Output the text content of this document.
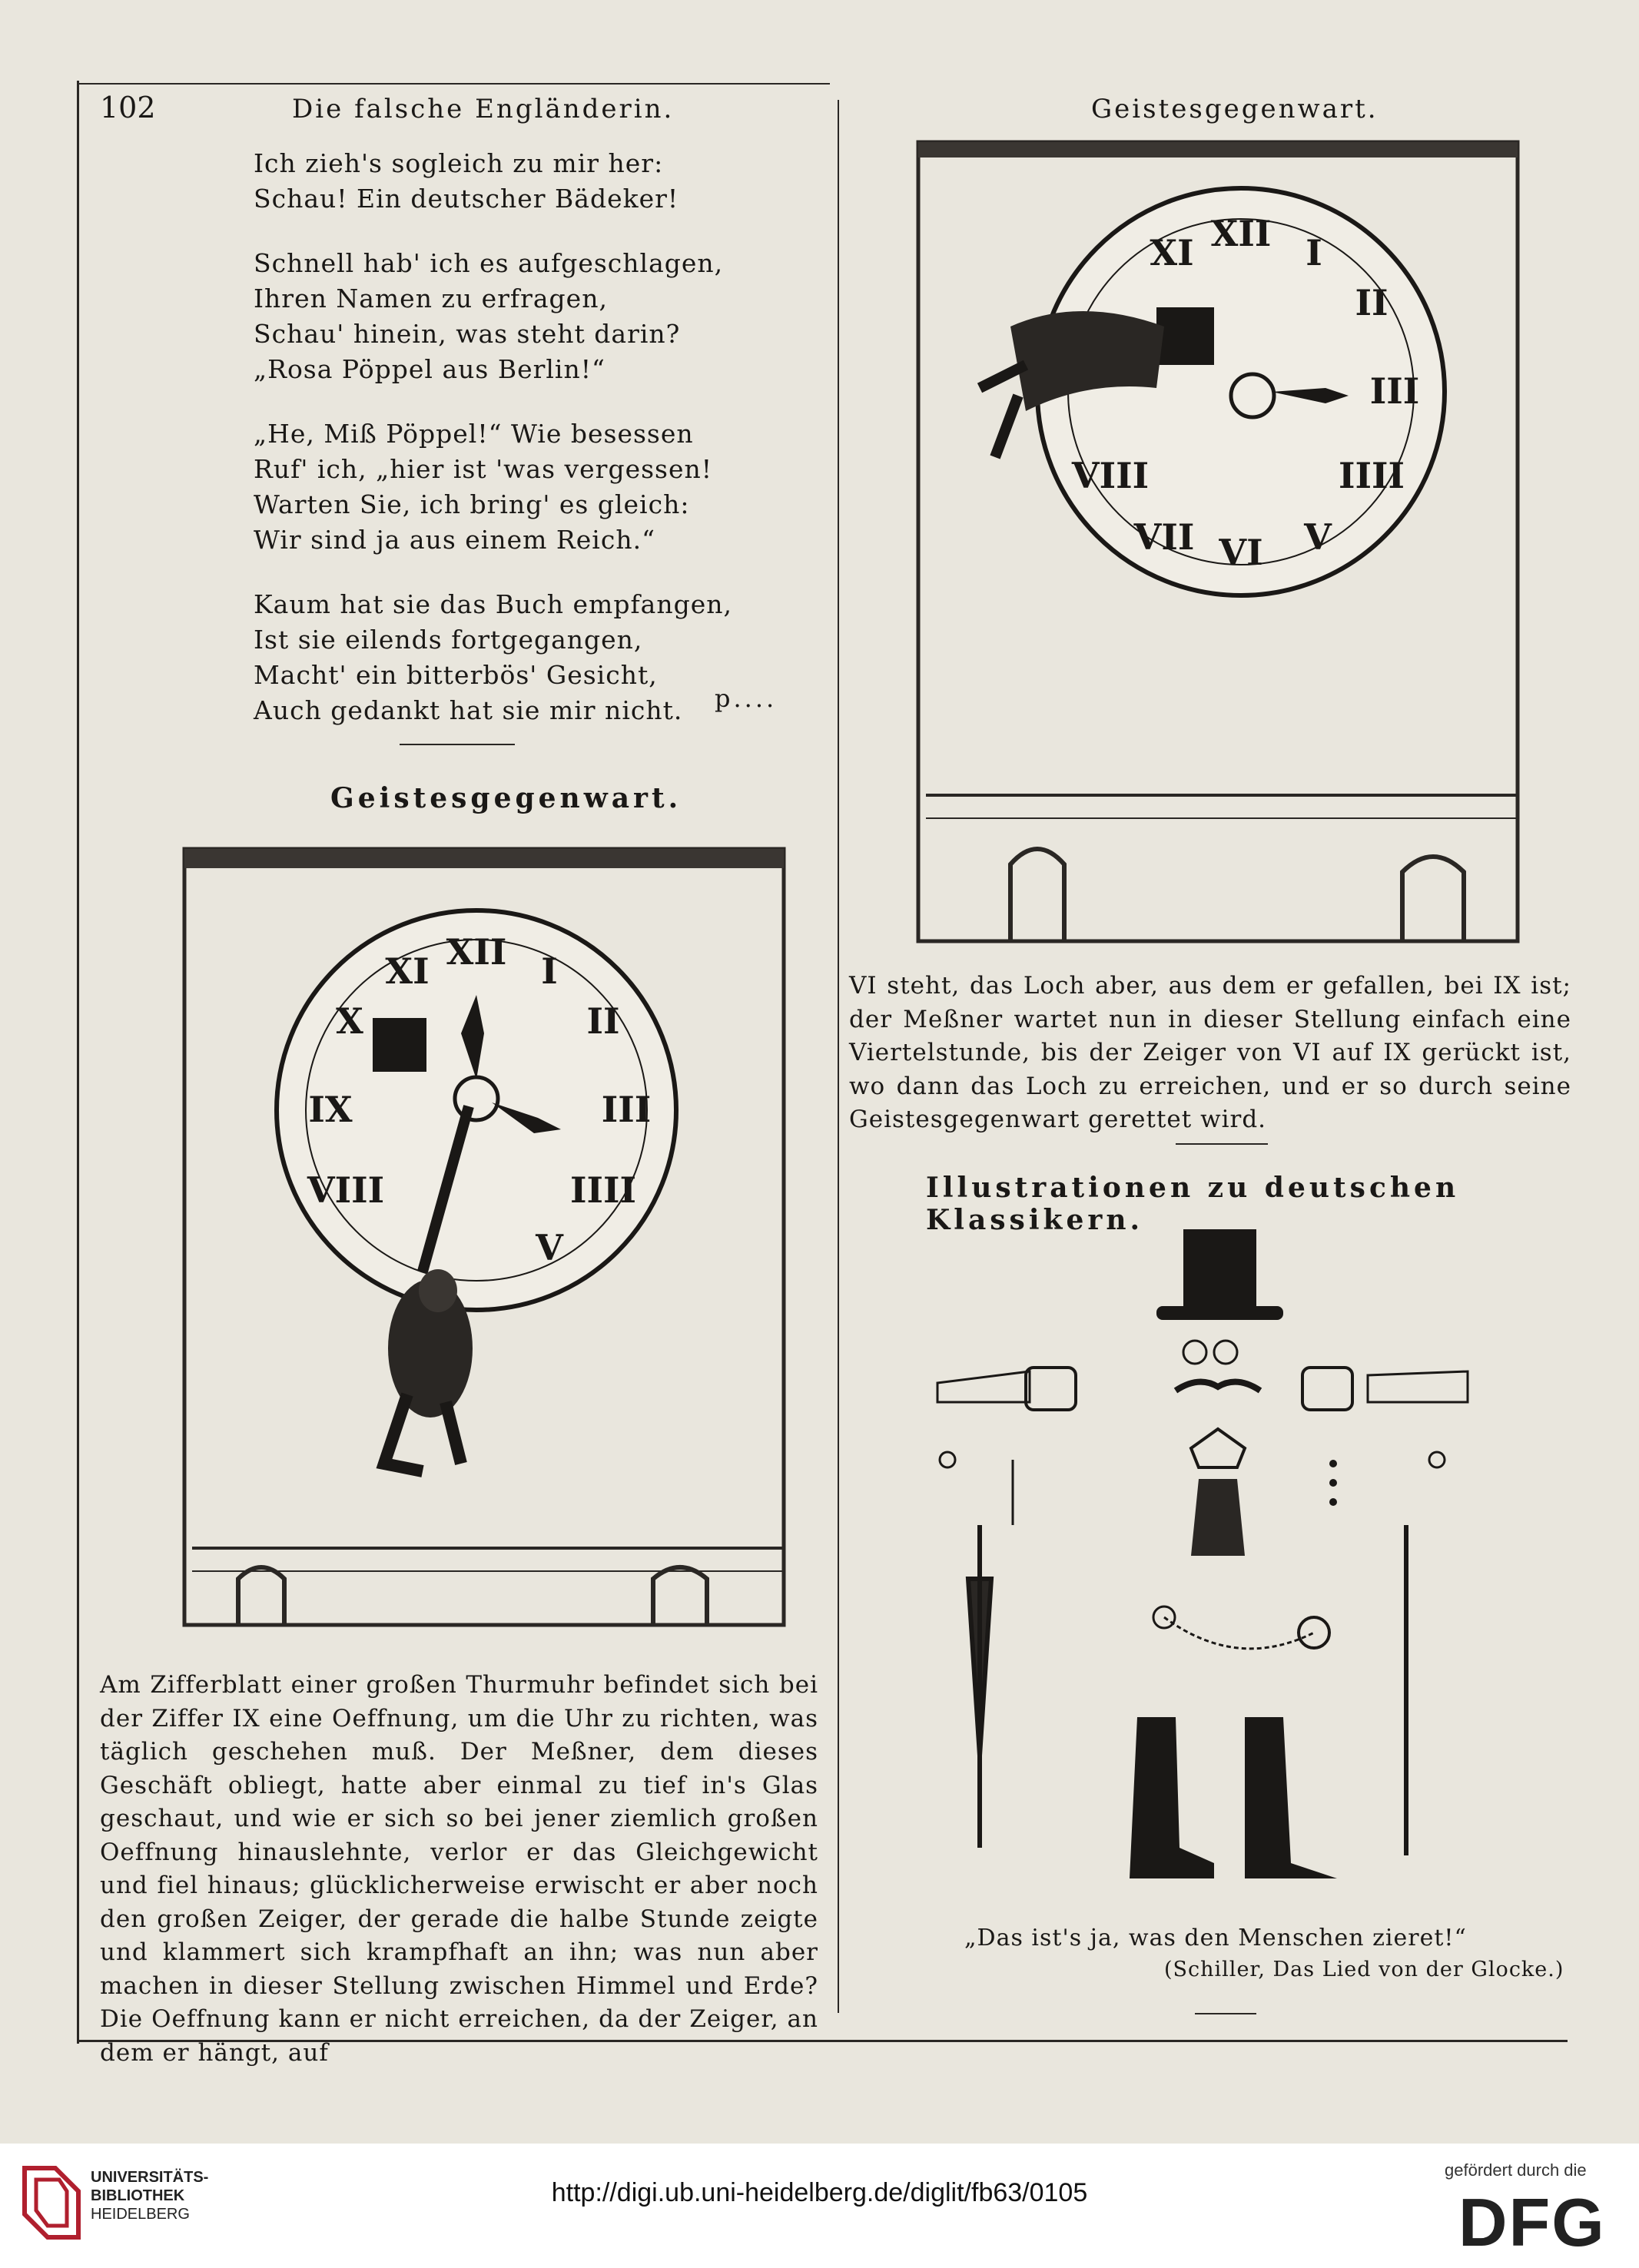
102	Die falsche Engländerin.	Geistesgegenwart.

Ich zieh's sogleich zu mir her:
Schau! Ein deutscher Bädeker!

Schnell hab' ich es aufgeschlagen,
Ihren Namen zu erfragen,
Schau' hinein, was steht darin?
„Rosa Pöppel aus Berlin!“

„He, Miß Pöppel!“ Wie besessen
Ruf' ich, „hier ist 'was vergessen!
Warten Sie, ich bring' es gleich:
Wir sind ja aus einem Reich.“

Kaum hat sie das Buch empfangen,
Ist sie eilends fortgegangen,
Macht' ein bitterbös' Gesicht,
Auch gedankt hat sie mir nicht.	p....
Geistesgegenwart.
XII I
II
III
IIII
V
XI
X
IX
VIII
Am Zifferblatt einer großen Thurmuhr befindet sich bei der Ziffer IX eine Oeffnung, um die Uhr zu richten, was täglich geschehen muß. Der Meßner, dem dieses Geschäft obliegt, hatte aber einmal zu tief in's Glas geschaut, und wie er sich so bei jener ziemlich großen Oeffnung hinauslehnte, verlor er das Gleichgewicht und fiel hinaus; glücklicherweise erwischt er aber noch den großen Zeiger, der gerade die halbe Stunde zeigte und klammert sich krampfhaft an ihn; was nun aber machen in dieser Stellung zwischen Himmel und Erde? Die Oeffnung kann er nicht erreichen, da der Zeiger, an dem er hängt, auf
XII I
II
III
IIII
V
VI
VII
VIII
XI
VI steht, das Loch aber, aus dem er gefallen, bei IX ist; der Meßner wartet nun in dieser Stellung einfach eine Viertelstunde, bis der Zeiger von VI auf IX gerückt ist, wo dann das Loch zu erreichen, und er so durch seine Geistesgegenwart gerettet wird.
Illustrationen zu deutschen Klassikern.
„Das ist's ja, was den Menschen zieret!“
(Schiller, Das Lied von der Glocke.)
UNIVERSITÄTS-
BIBLIOTHEK
HEIDELBERG
http://digi.ub.uni-heidelberg.de/diglit/fb63/0105
gefördert durch die
DFG
